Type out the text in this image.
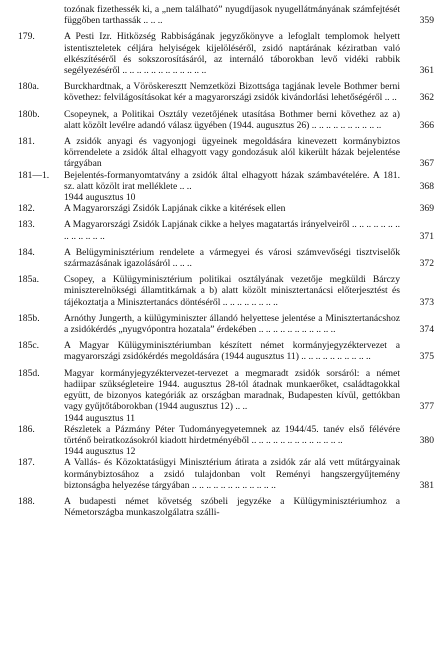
tozónak fizethessék ki, a „nem található” nyugdíjasok nyugellátmányának számfejtését függőben tarthassák .. .. ..	359
179.	A Pesti Izr. Hitközség Rabbiságának jegyzőkönyve a lefoglalt templomok helyett istentiszteletek céljára helyiségek kijelöléséről, zsidó naptárának kéziratban való elkészítéséről és sokszorosításáról, az internáló táborokban levő vidéki rabbik segélyezéséről .. .. .. .. .. .. .. .. .. .. .. ..	361
180a.	Burckhardtnak, a Vöröskeresztt Nemzetközi Bizottsága tagjának levele Bothmer berni követhez: felvilágosításokat kér a magyarországi zsidók kivándorlási lehetőségéről .. ..	362
180b.	Csopeynek, a Politikai Osztály vezetőjének utasítása Bothmer berni követhez az a) alatt közölt levélre adandó válasz ügyében (1944. augusztus 26) .. .. .. .. .. .. .. .. .. ..	366
181.	A zsidók anyagi és vagyonjogi ügyeinek megoldására kinevezett kormánybiztos körrendelete a zsidók által elhagyott vagy gondozásuk alól kikerült házak bejelentése tárgyában	367
181—1.	Bejelentés-formanyomtatvány a zsidók által elhagyott házak számbavételére. A 181. sz. alatt közölt irat melléklete .. ..	368
1944 augusztus 10
182.	A Magyarországi Zsidók Lapjának cikke a kitérések ellen	369
183.	A Magyarországi Zsidók Lapjának cikke a helyes magatartás irányelveiről .. .. .. .. .. .. .. .. .. .. .. .. ..	371
184.	A Belügyminisztérium rendelete a vármegyei és városi számvevőségi tisztviselők származásának igazolásáról .. .. ..	372
185a.	Csopey, a Külügyminisztérium politikai osztályának vezetője megküldi Bárczy miniszterelnökségi államtitkárnak a b) alatt közölt minisztertanácsi előterjesztést és tájékoztatja a Minisztertanács döntéséről .. .. .. .. .. .. .. ..	373
185b.	Arnóthy Jungerth, a külügyminiszter állandó helyettese jelentése a Minisztertanácshoz a zsidókérdés „nyugvópontra hozatala” érdekében .. .. .. .. .. .. .. .. .. .. ..	374
185c.	A Magyar Külügyminisztériumban készített német kormányjegyzéktervezet a magyarországi zsidókérdés megoldására (1944 augusztus 11) .. .. .. .. .. .. .. .. .. ..	375
185d.	Magyar kormányjegyzéktervezet-tervezet a megmaradt zsidók sorsáról: a német hadiipar szükségleteire 1944. augusztus 28-tól átadnak munkaerőket, családtagokkal együtt, de bizonyos kategóriák az országban maradnak, Budapesten kívül, gettókban vagy gyűjtőtáborokban (1944 augusztus 12) .. ..	377
1944 augusztus 11
186.	Részletek a Pázmány Péter Tudományegyetemnek az 1944/45. tanév első félévére történő beiratkozásokról kiadott hirdetményéből .. .. .. .. .. .. .. .. .. .. .. .. ..	380
1944 augusztus 12
187.	A Vallás- és Közoktatásügyi Minisztérium átirata a zsidók zár alá vett műtárgyainak kormánybiztosához a zsidó tulajdonban volt Reményi hangszergyűjtemény biztonságba helyezése tárgyában .. .. .. .. .. .. .. .. .. .. .. ..	381
188.	A budapesti német követség szóbeli jegyzéke a Külügyminisztériumhoz a Németországba munkaszolgálatra szálli-
